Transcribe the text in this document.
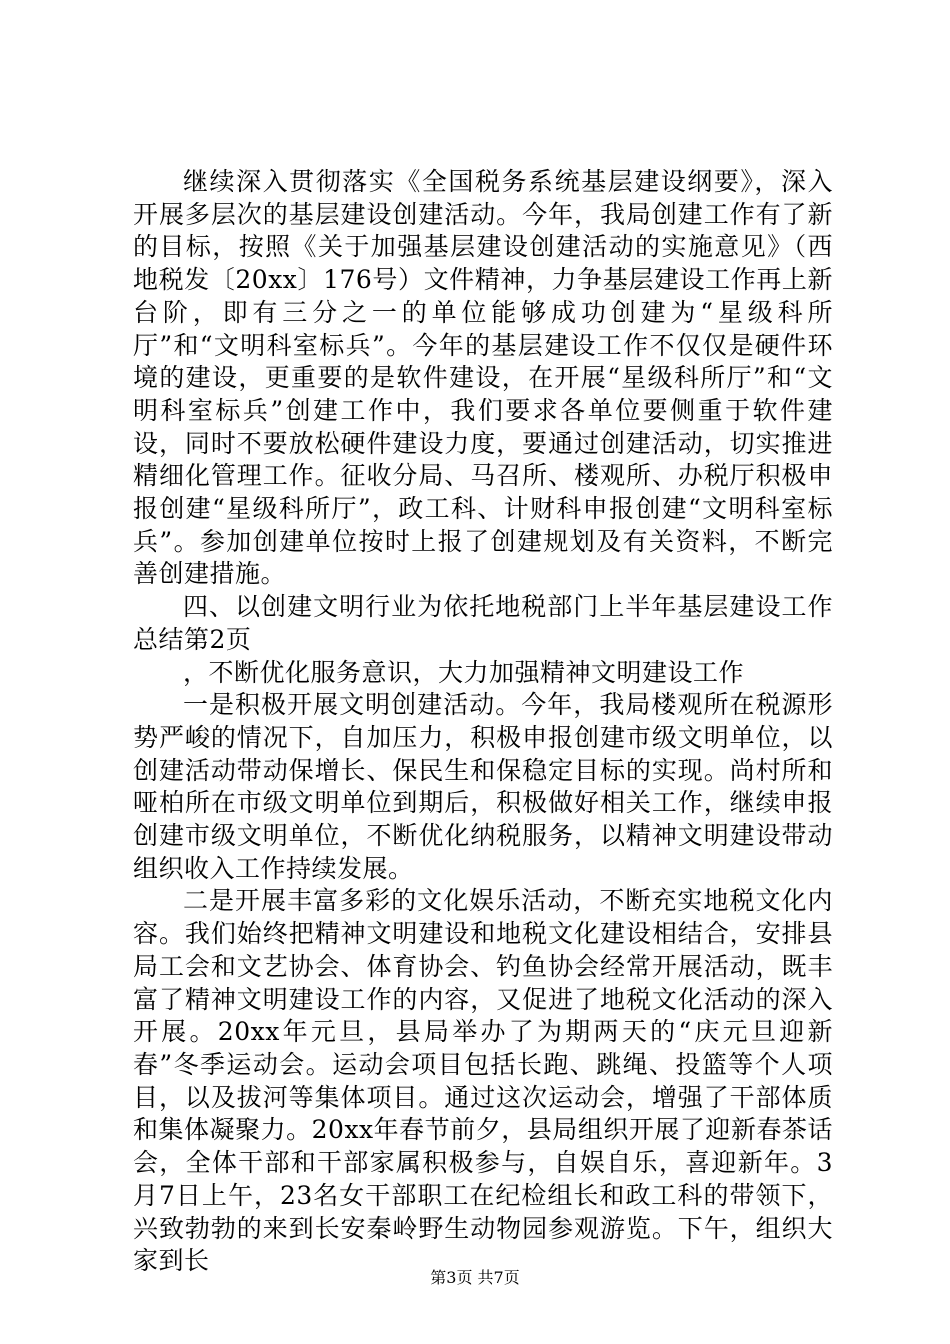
继续深入贯彻落实《全国税务系统基层建设纲要》，深入开展多层次的基层建设创建活动。今年，我局创建工作有了新的目标，按照《关于加强基层建设创建活动的实施意见》（西地税发〔20xx〕176号）文件精神，力争基层建设工作再上新台阶，即有三分之一的单位能够成功创建为“星级科所厅”和“文明科室标兵”。今年的基层建设工作不仅仅是硬件环境的建设，更重要的是软件建设，在开展“星级科所厅”和“文明科室标兵”创建工作中，我们要求各单位要侧重于软件建设，同时不要放松硬件建设力度，要通过创建活动，切实推进精细化管理工作。征收分局、马召所、楼观所、办税厅积极申报创建“星级科所厅”，政工科、计财科申报创建“文明科室标兵”。参加创建单位按时上报了创建规划及有关资料，不断完善创建措施。

四、以创建文明行业为依托地税部门上半年基层建设工作总结第2页

，不断优化服务意识，大力加强精神文明建设工作

一是积极开展文明创建活动。今年，我局楼观所在税源形势严峻的情况下，自加压力，积极申报创建市级文明单位，以创建活动带动保增长、保民生和保稳定目标的实现。尚村所和哑柏所在市级文明单位到期后，积极做好相关工作，继续申报创建市级文明单位，不断优化纳税服务，以精神文明建设带动组织收入工作持续发展。

二是开展丰富多彩的文化娱乐活动，不断充实地税文化内容。我们始终把精神文明建设和地税文化建设相结合，安排县局工会和文艺协会、体育协会、钓鱼协会经常开展活动，既丰富了精神文明建设工作的内容，又促进了地税文化活动的深入开展。20xx年元旦，县局举办了为期两天的“庆元旦迎新春”冬季运动会。运动会项目包括长跑、跳绳、投篮等个人项目，以及拔河等集体项目。通过这次运动会，增强了干部体质和集体凝聚力。20xx年春节前夕，县局组织开展了迎新春茶话会，全体干部和干部家属积极参与，自娱自乐，喜迎新年。3月7日上午，23名女干部职工在纪检组长和政工科的带领下，兴致勃勃的来到长安秦岭野生动物园参观游览。下午，组织大家到长

第3页 共7页
